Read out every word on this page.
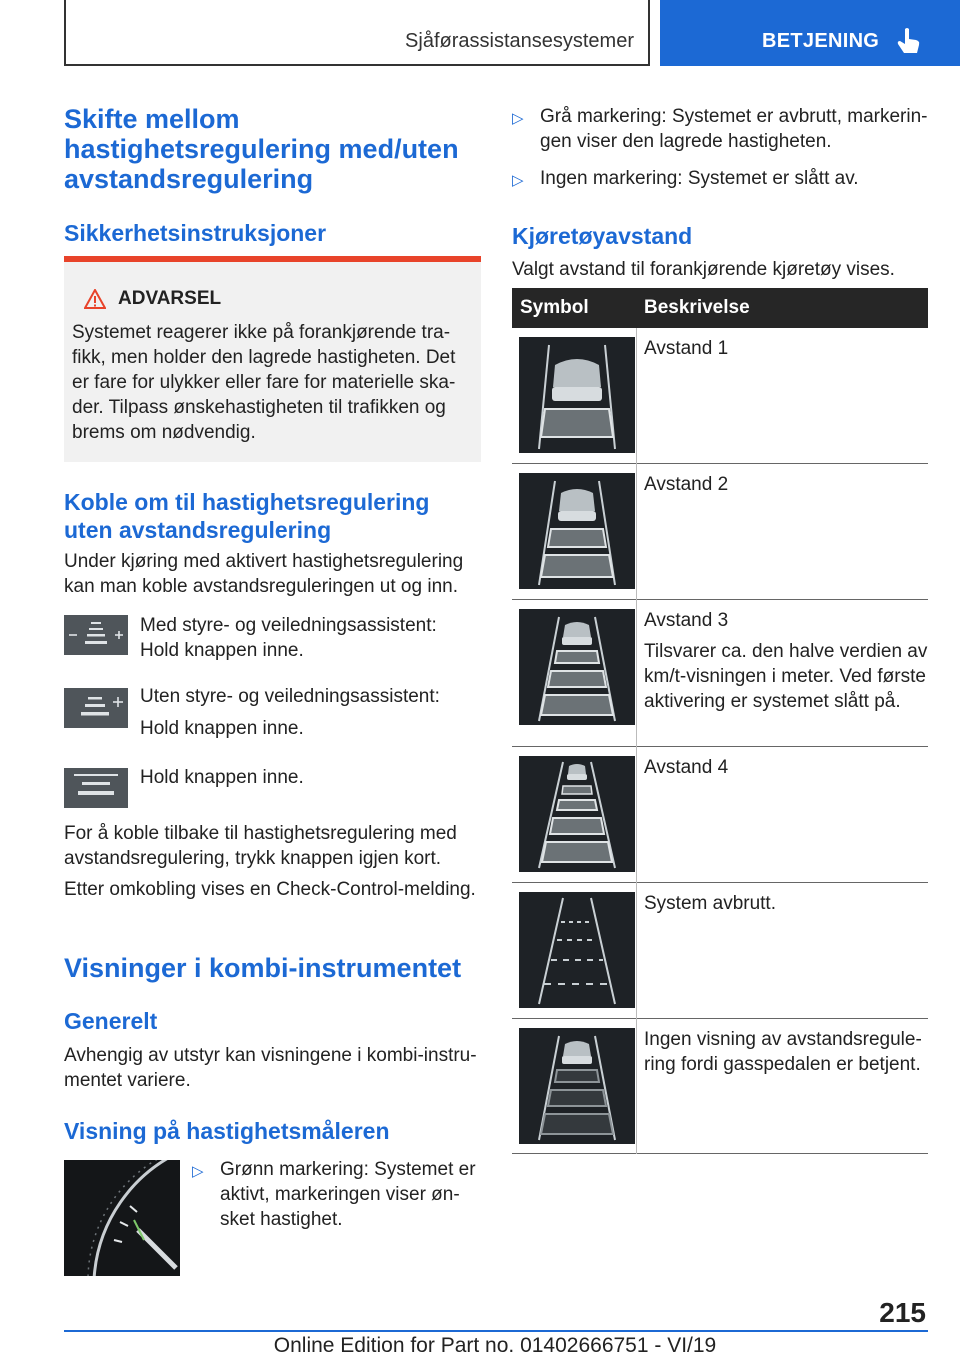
Sjåførassistansesystemer	BETJENING
Skifte mellom hastighetsregulering med/uten avstandsregulering
Sikkerhetsinstruksjoner
ADVARSEL

Systemet reagerer ikke på forankjørende trafikk, men holder den lagrede hastigheten. Det er fare for ulykker eller fare for materielle skader. Tilpass ønskehastigheten til trafikken og brems om nødvendig.

Koble om til hastighetsregulering uten avstandsregulering

Under kjøring med aktivert hastighetsregulering kan man koble avstandsreguleringen ut og inn.

Med styre- og veiledningsassistent:

Hold knappen inne.

Uten styre- og veiledningsassistent:

Hold knappen inne.

Hold knappen inne.

For å koble tilbake til hastighetsregulering med avstandsregulering, trykk knappen igjen kort.

Etter omkobling vises en Check-Control-melding.

Visninger i kombi-instrumentet
Generelt

Avhengig av utstyr kan visningene i kombi-instrumentet variere.

Visning på hastighetsmåleren
▷ Grønn markering: Systemet er aktivt, markeringen viser ønsket hastighet.
▷ Grå markering: Systemet er avbrutt, markeringen viser den lagrede hastigheten.
▷ Ingen markering: Systemet er slått av.
Kjøretøyavstand

Valgt avstand til forankjørende kjøretøy vises.

Symbol	Beskrivelse

Avstand 1

Avstand 2

Avstand 3

Tilsvarer ca. den halve verdien av km/t-visningen i meter. Ved første aktivering er systemet slått på.

Avstand 4

System avbrutt.

Ingen visning av avstandsregulering fordi gasspedalen er betjent.

215
Online Edition for Part no. 01402666751 - VI/19
